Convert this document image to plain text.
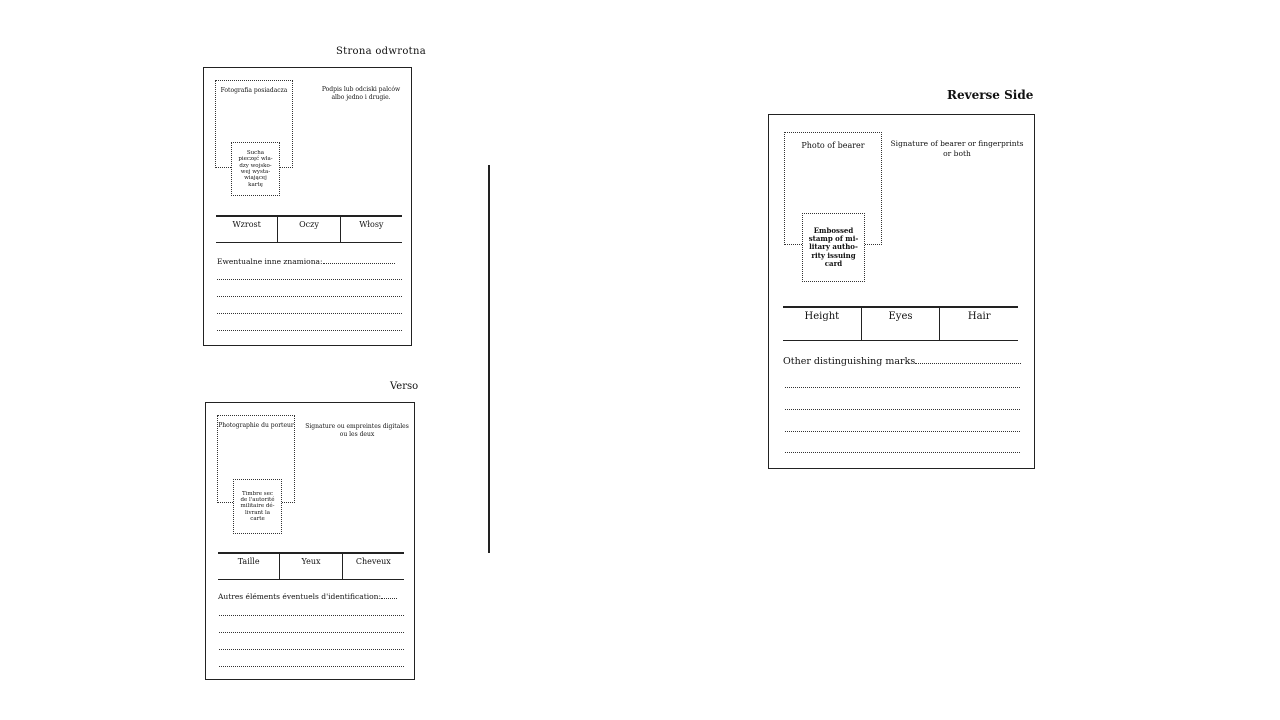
Strona odwrotna
Fotografia posiadacza
Sucha
pieczęć wła-
dzy wojsko-
wej wysta-
wiającej
kartę
Podpis lub odciski palców albo jedno i drugie.
Wzrost	Oczy	Włosy
Ewentualne inne znamiona:
Verso
Photographie du porteur
Timbre sec
de l'autorité
militaire dé-
livrant la
carte
Signature ou empreintes digitales ou les deux
Taille	Yeux	Cheveux
Autres éléments éventuels d'identification:
Reverse Side
Photo of bearer
Embossed
stamp of mi-
litary autho-
rity issuing
card
Signature of bearer or fingerprints or both
Height	Eyes	Hair
Other distinguishing marks
